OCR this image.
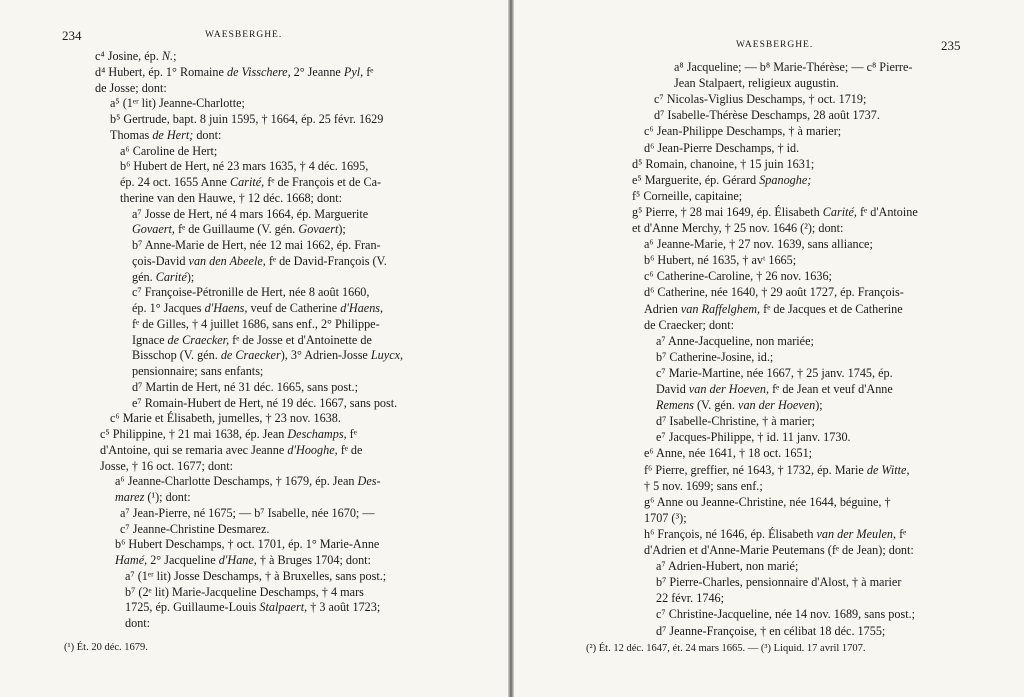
234	WAESBERGHE.
c⁴ Josine, ép. N.;
d⁴ Hubert, ép. 1° Romaine de Visschere, 2° Jeanne Pyl, fᵉ
de Josse; dont:
a⁵ (1ᵉʳ lit) Jeanne-Charlotte;
b⁵ Gertrude, bapt. 8 juin 1595, † 1664, ép. 25 févr. 1629
Thomas de Hert; dont:
a⁶ Caroline de Hert;
b⁶ Hubert de Hert, né 23 mars 1635, † 4 déc. 1695,
ép. 24 oct. 1655 Anne Carité, fᵉ de François et de Ca-
therine van den Hauwe, † 12 déc. 1668; dont:
a⁷ Josse de Hert, né 4 mars 1664, ép. Marguerite
Govaert, fᵉ de Guillaume (V. gén. Govaert);
b⁷ Anne-Marie de Hert, née 12 mai 1662, ép. Fran-
çois-David van den Abeele, fᵉ de David-François (V.
gén. Carité);
c⁷ Françoise-Pétronille de Hert, née 8 août 1660,
ép. 1° Jacques d'Haens, veuf de Catherine d'Haens,
fᵉ de Gilles, † 4 juillet 1686, sans enf., 2° Philippe-
Ignace de Craecker, fᵉ de Josse et d'Antoinette de
Bisschop (V. gén. de Craecker), 3° Adrien-Josse Luycx,
pensionnaire; sans enfants;
d⁷ Martin de Hert, né 31 déc. 1665, sans post.;
e⁷ Romain-Hubert de Hert, né 19 déc. 1667, sans post.
c⁶ Marie et Élisabeth, jumelles, † 23 nov. 1638.
c⁵ Philippine, † 21 mai 1638, ép. Jean Deschamps, fᵉ
d'Antoine, qui se remaria avec Jeanne d'Hooghe, fᵉ de
Josse, † 16 oct. 1677; dont:
a⁶ Jeanne-Charlotte Deschamps, † 1679, ép. Jean Des-
marez (¹); dont:
a⁷ Jean-Pierre, né 1675; — b⁷ Isabelle, née 1670; —
c⁷ Jeanne-Christine Desmarez.
b⁶ Hubert Deschamps, † oct. 1701, ép. 1° Marie-Anne
Hamé, 2° Jacqueline d'Hane, † à Bruges 1704; dont:
a⁷ (1ᵉʳ lit) Josse Deschamps, † à Bruxelles, sans post.;
b⁷ (2ᵉ lit) Marie-Jacqueline Deschamps, † 4 mars
1725, ép. Guillaume-Louis Stalpaert, † 3 août 1723;
dont:
(¹) Ét. 20 déc. 1679.
235
WAESBERGHE.
a⁸ Jacqueline; — b⁸ Marie-Thérèse; — c⁸ Pierre-
Jean Stalpaert, religieux augustin.
c⁷ Nicolas-Viglius Deschamps, † oct. 1719;
d⁷ Isabelle-Thérèse Deschamps, 28 août 1737.
c⁶ Jean-Philippe Deschamps, † à marier;
d⁶ Jean-Pierre Deschamps, † id.
d⁵ Romain, chanoine, † 15 juin 1631;
e⁵ Marguerite, ép. Gérard Spanoghe;
f⁵ Corneille, capitaine;
g⁵ Pierre, † 28 mai 1649, ép. Élisabeth Carité, fᵉ d'Antoine
et d'Anne Merchy, † 25 nov. 1646 (²); dont:
a⁶ Jeanne-Marie, † 27 nov. 1639, sans alliance;
b⁶ Hubert, né 1635, † avᵗ 1665;
c⁶ Catherine-Caroline, † 26 nov. 1636;
d⁶ Catherine, née 1640, † 29 août 1727, ép. François-
Adrien van Raffelghem, fᵉ de Jacques et de Catherine
de Craecker; dont:
a⁷ Anne-Jacqueline, non mariée;
b⁷ Catherine-Josine, id.;
c⁷ Marie-Martine, née 1667, † 25 janv. 1745, ép.
David van der Hoeven, fᵉ de Jean et veuf d'Anne
Remens (V. gén. van der Hoeven);
d⁷ Isabelle-Christine, † à marier;
e⁷ Jacques-Philippe, † id. 11 janv. 1730.
e⁶ Anne, née 1641, † 18 oct. 1651;
f⁶ Pierre, greffier, né 1643, † 1732, ép. Marie de Witte,
† 5 nov. 1699; sans enf.;
g⁶ Anne ou Jeanne-Christine, née 1644, béguine, †
1707 (³);
h⁶ François, né 1646, ép. Élisabeth van der Meulen, fᵉ
d'Adrien et d'Anne-Marie Peutemans (fᵉ de Jean); dont:
a⁷ Adrien-Hubert, non marié;
b⁷ Pierre-Charles, pensionnaire d'Alost, † à marier
22 févr. 1746;
c⁷ Christine-Jacqueline, née 14 nov. 1689, sans post.;
d⁷ Jeanne-Françoise, † en célibat 18 déc. 1755;
(²) Ét. 12 déc. 1647, ét. 24 mars 1665. — (³) Liquid. 17 avril 1707.
